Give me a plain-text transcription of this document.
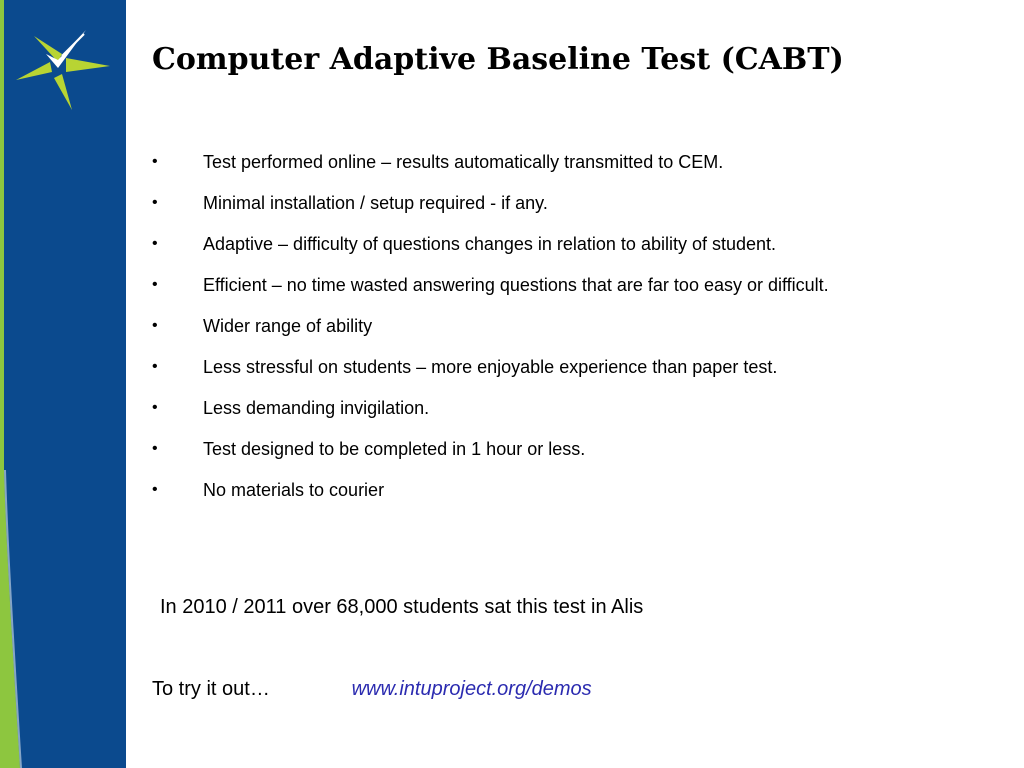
Computer Adaptive Baseline Test (CABT)
•	Test performed online – results automatically transmitted to CEM.
•	Minimal installation / setup required - if any.
•	Adaptive – difficulty of questions changes in relation to ability of student.
•	Efficient – no time wasted answering questions that are far too easy or difficult.
•	Wider range of ability
•	Less stressful on students – more enjoyable experience than paper test.
•	Less demanding invigilation.
•	Test designed to be completed in 1 hour or less.
•	No materials to courier
In 2010 / 2011 over 68,000 students sat this test in Alis
To try it out…	www.intuproject.org/demos
